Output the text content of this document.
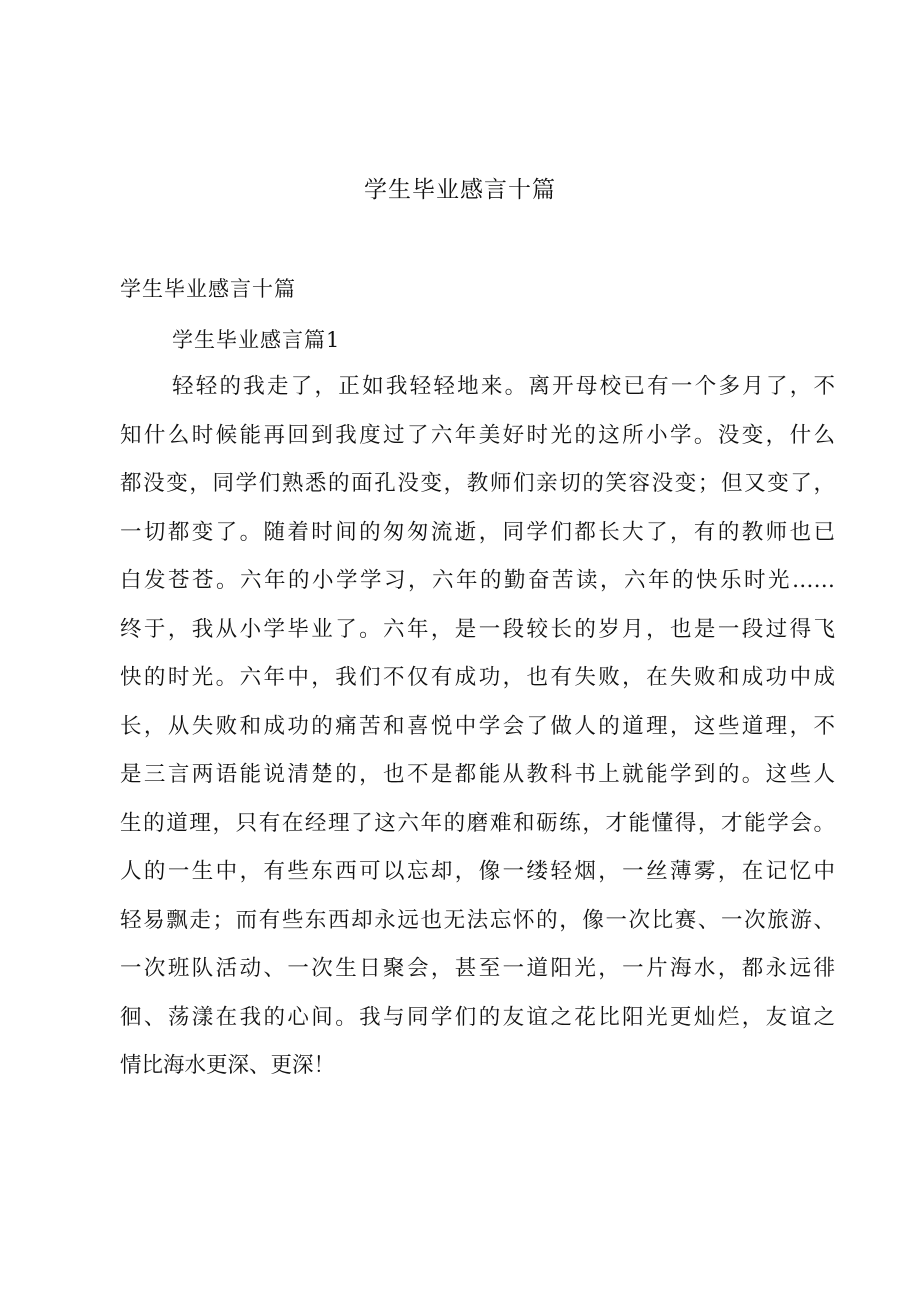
学生毕业感言十篇
学生毕业感言十篇
学生毕业感言篇1
轻轻的我走了，正如我轻轻地来。离开母校已有一个多月了，不
知什么时候能再回到我度过了六年美好时光的这所小学。没变，什么
都没变，同学们熟悉的面孔没变，教师们亲切的笑容没变；但又变了，
一切都变了。随着时间的匆匆流逝，同学们都长大了，有的教师也已
白发苍苍。六年的小学学习，六年的勤奋苦读，六年的快乐时光……
终于，我从小学毕业了。六年，是一段较长的岁月，也是一段过得飞
快的时光。六年中，我们不仅有成功，也有失败，在失败和成功中成
长，从失败和成功的痛苦和喜悦中学会了做人的道理，这些道理，不
是三言两语能说清楚的，也不是都能从教科书上就能学到的。这些人
生的道理，只有在经理了这六年的磨难和砺练，才能懂得，才能学会。
人的一生中，有些东西可以忘却，像一缕轻烟，一丝薄雾，在记忆中
轻易飘走；而有些东西却永远也无法忘怀的，像一次比赛、一次旅游、
一次班队活动、一次生日聚会，甚至一道阳光，一片海水，都永远徘
徊、荡漾在我的心间。我与同学们的友谊之花比阳光更灿烂，友谊之
情比海水更深、更深！
